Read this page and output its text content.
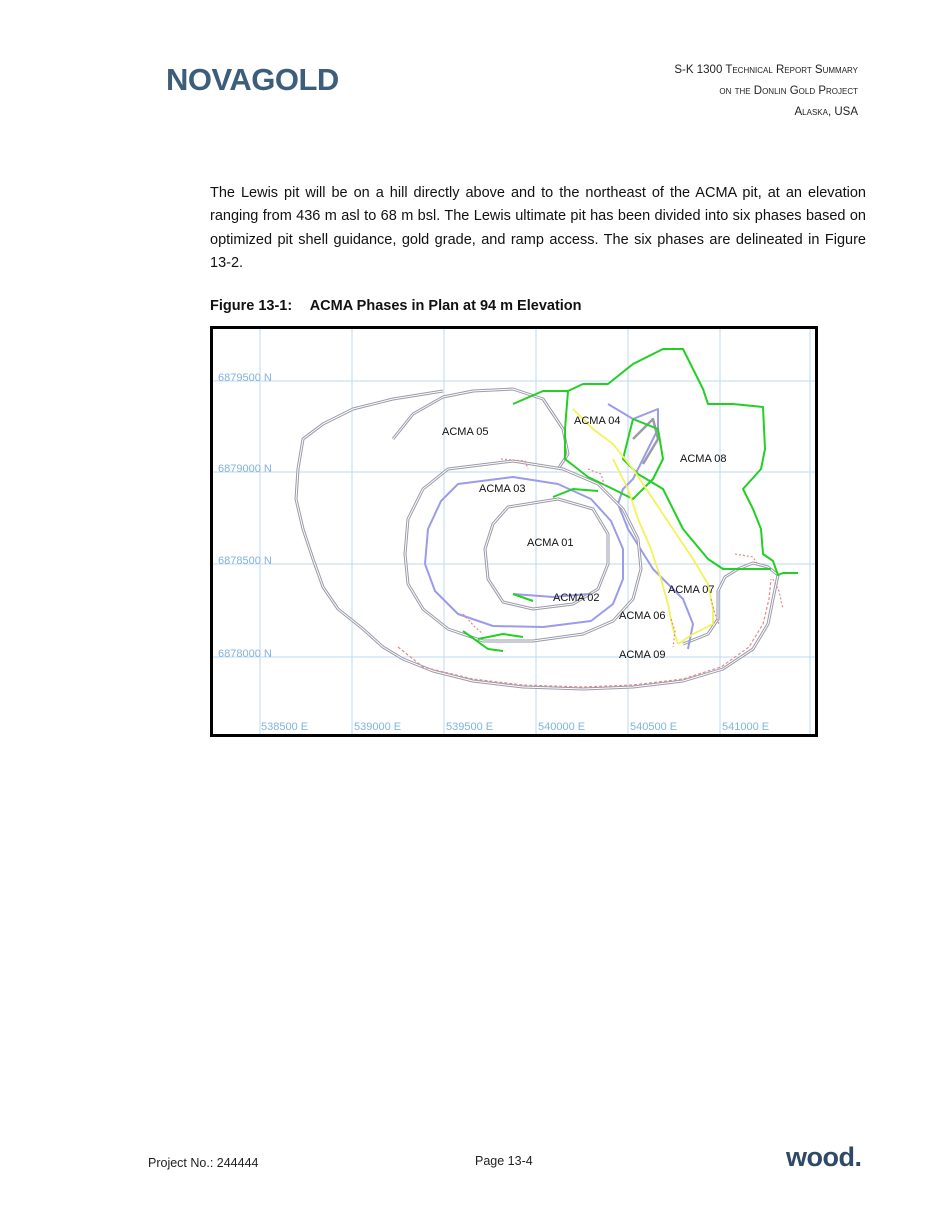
NOVAGOLD	S-K 1300 Technical Report Summary
on the Donlin Gold Project
Alaska, USA
The Lewis pit will be on a hill directly above and to the northeast of the ACMA pit, at an elevation ranging from 436 m asl to 68 m bsl. The Lewis ultimate pit has been divided into six phases based on optimized pit shell guidance, gold grade, and ramp access. The six phases are delineated in Figure 13-2.
Figure 13-1: ACMA Phases in Plan at 94 m Elevation
6879500 N
6879000 N
6878500 N
6878000 N
538500 E	539000 E	539500 E	540000 E	540500 E	541000 E
ACMA 01
ACMA 02
ACMA 03
ACMA 04
ACMA 05
ACMA 06
ACMA 07
ACMA 08
ACMA 09
Project No.: 244444	Page 13-4	wood.
